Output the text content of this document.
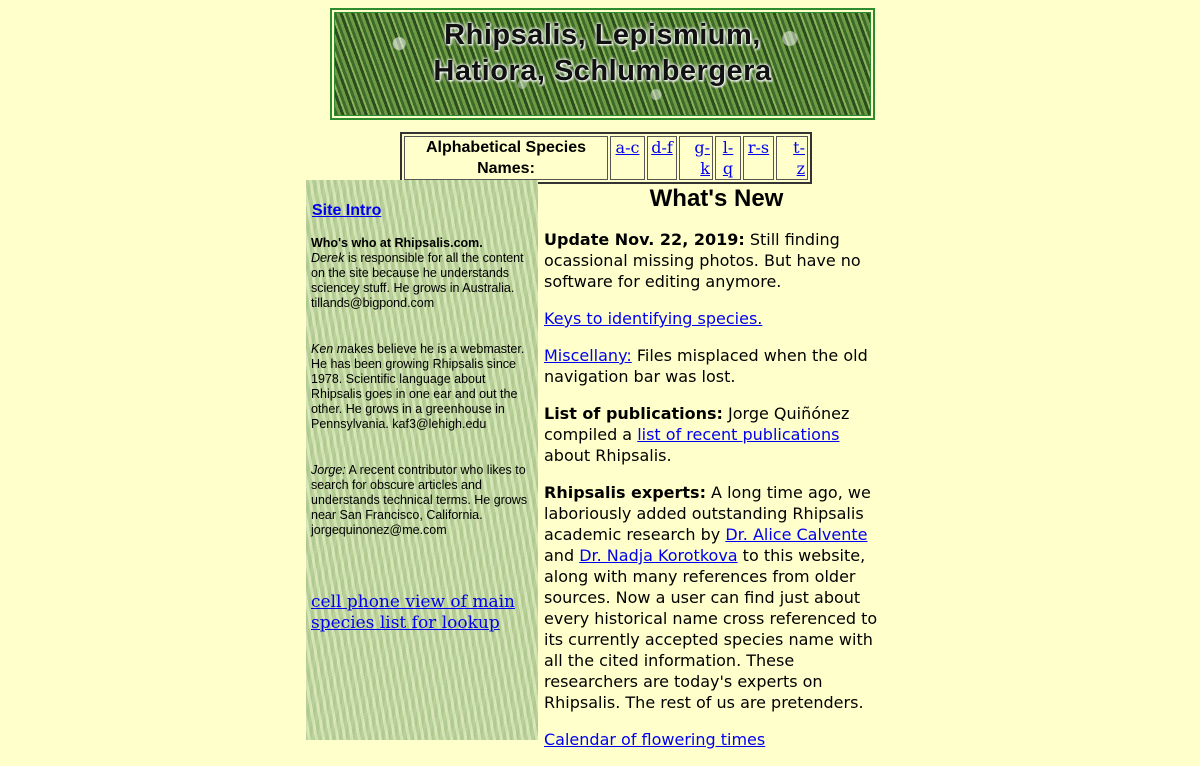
Rhipsalis, Lepismium,
Hatiora, Schlumbergera
Alphabetical Species Names:	a-c	d-f	g-k	l-q	r-s	t-z
Site Intro
Who's who at Rhipsalis.com.

Derek is responsible for all the content on the site because he understands sciencey stuff. He grows in Australia. tillands@bigpond.com

Ken makes believe he is a webmaster. He has been growing Rhipsalis since 1978. Scientific language about Rhipsalis goes in one ear and out the other. He grows in a greenhouse in Pennsylvania. kaf3@lehigh.edu

Jorge: A recent contributor who likes to search for obscure articles and understands technical terms. He grows near San Francisco, California. jorgequinonez@me.com

cell phone view of main species list for lookup
What's New

Update Nov. 22, 2019: Still finding ocassional missing photos. But have no software for editing anymore.

Keys to identifying species.

Miscellany: Files misplaced when the old navigation bar was lost.

List of publications: Jorge Quiñónez compiled a list of recent publications about Rhipsalis.

Rhipsalis experts: A long time ago, we laboriously added outstanding Rhipsalis academic research by Dr. Alice Calvente and Dr. Nadja Korotkova to this website, along with many references from older sources. Now a user can find just about every historical name cross referenced to its currently accepted species name with all the cited information. These researchers are today's experts on Rhipsalis. The rest of us are pretenders.

Calendar of flowering times
